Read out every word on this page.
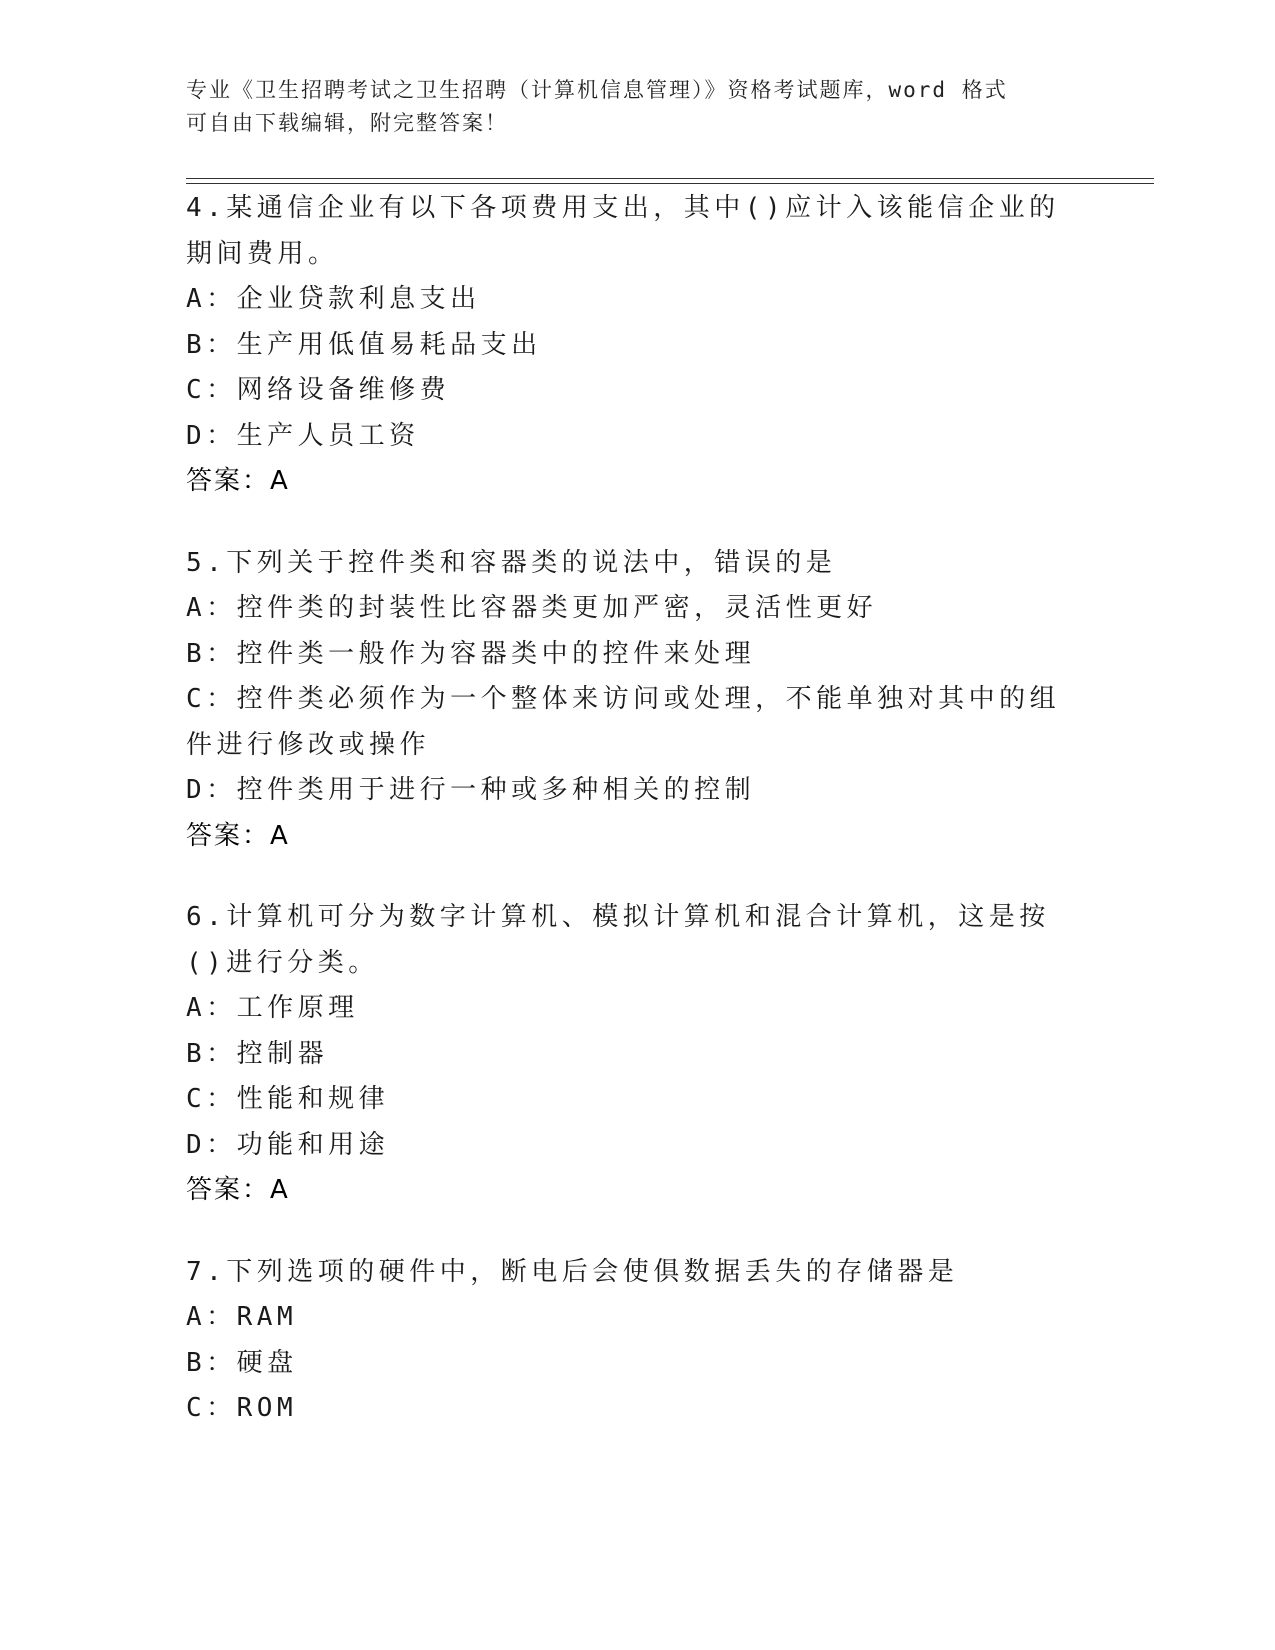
专业《卫生招聘考试之卫生招聘（计算机信息管理）》资格考试题库，word 格式
可自由下载编辑，附完整答案！
4.某通信企业有以下各项费用支出，其中()应计入该能信企业的期间费用。
A：企业贷款利息支出
B：生产用低值易耗品支出
C：网络设备维修费
D：生产人员工资
答案：A
5.下列关于控件类和容器类的说法中，错误的是
A：控件类的封装性比容器类更加严密，灵活性更好
B：控件类一般作为容器类中的控件来处理
C：控件类必须作为一个整体来访问或处理，不能单独对其中的组件进行修改或操作
D：控件类用于进行一种或多种相关的控制
答案：A
6.计算机可分为数字计算机、模拟计算机和混合计算机，这是按()进行分类。
A：工作原理
B：控制器
C：性能和规律
D：功能和用途
答案：A
7.下列选项的硬件中，断电后会使俱数据丢失的存储器是
A：RAM
B：硬盘
C：ROM
